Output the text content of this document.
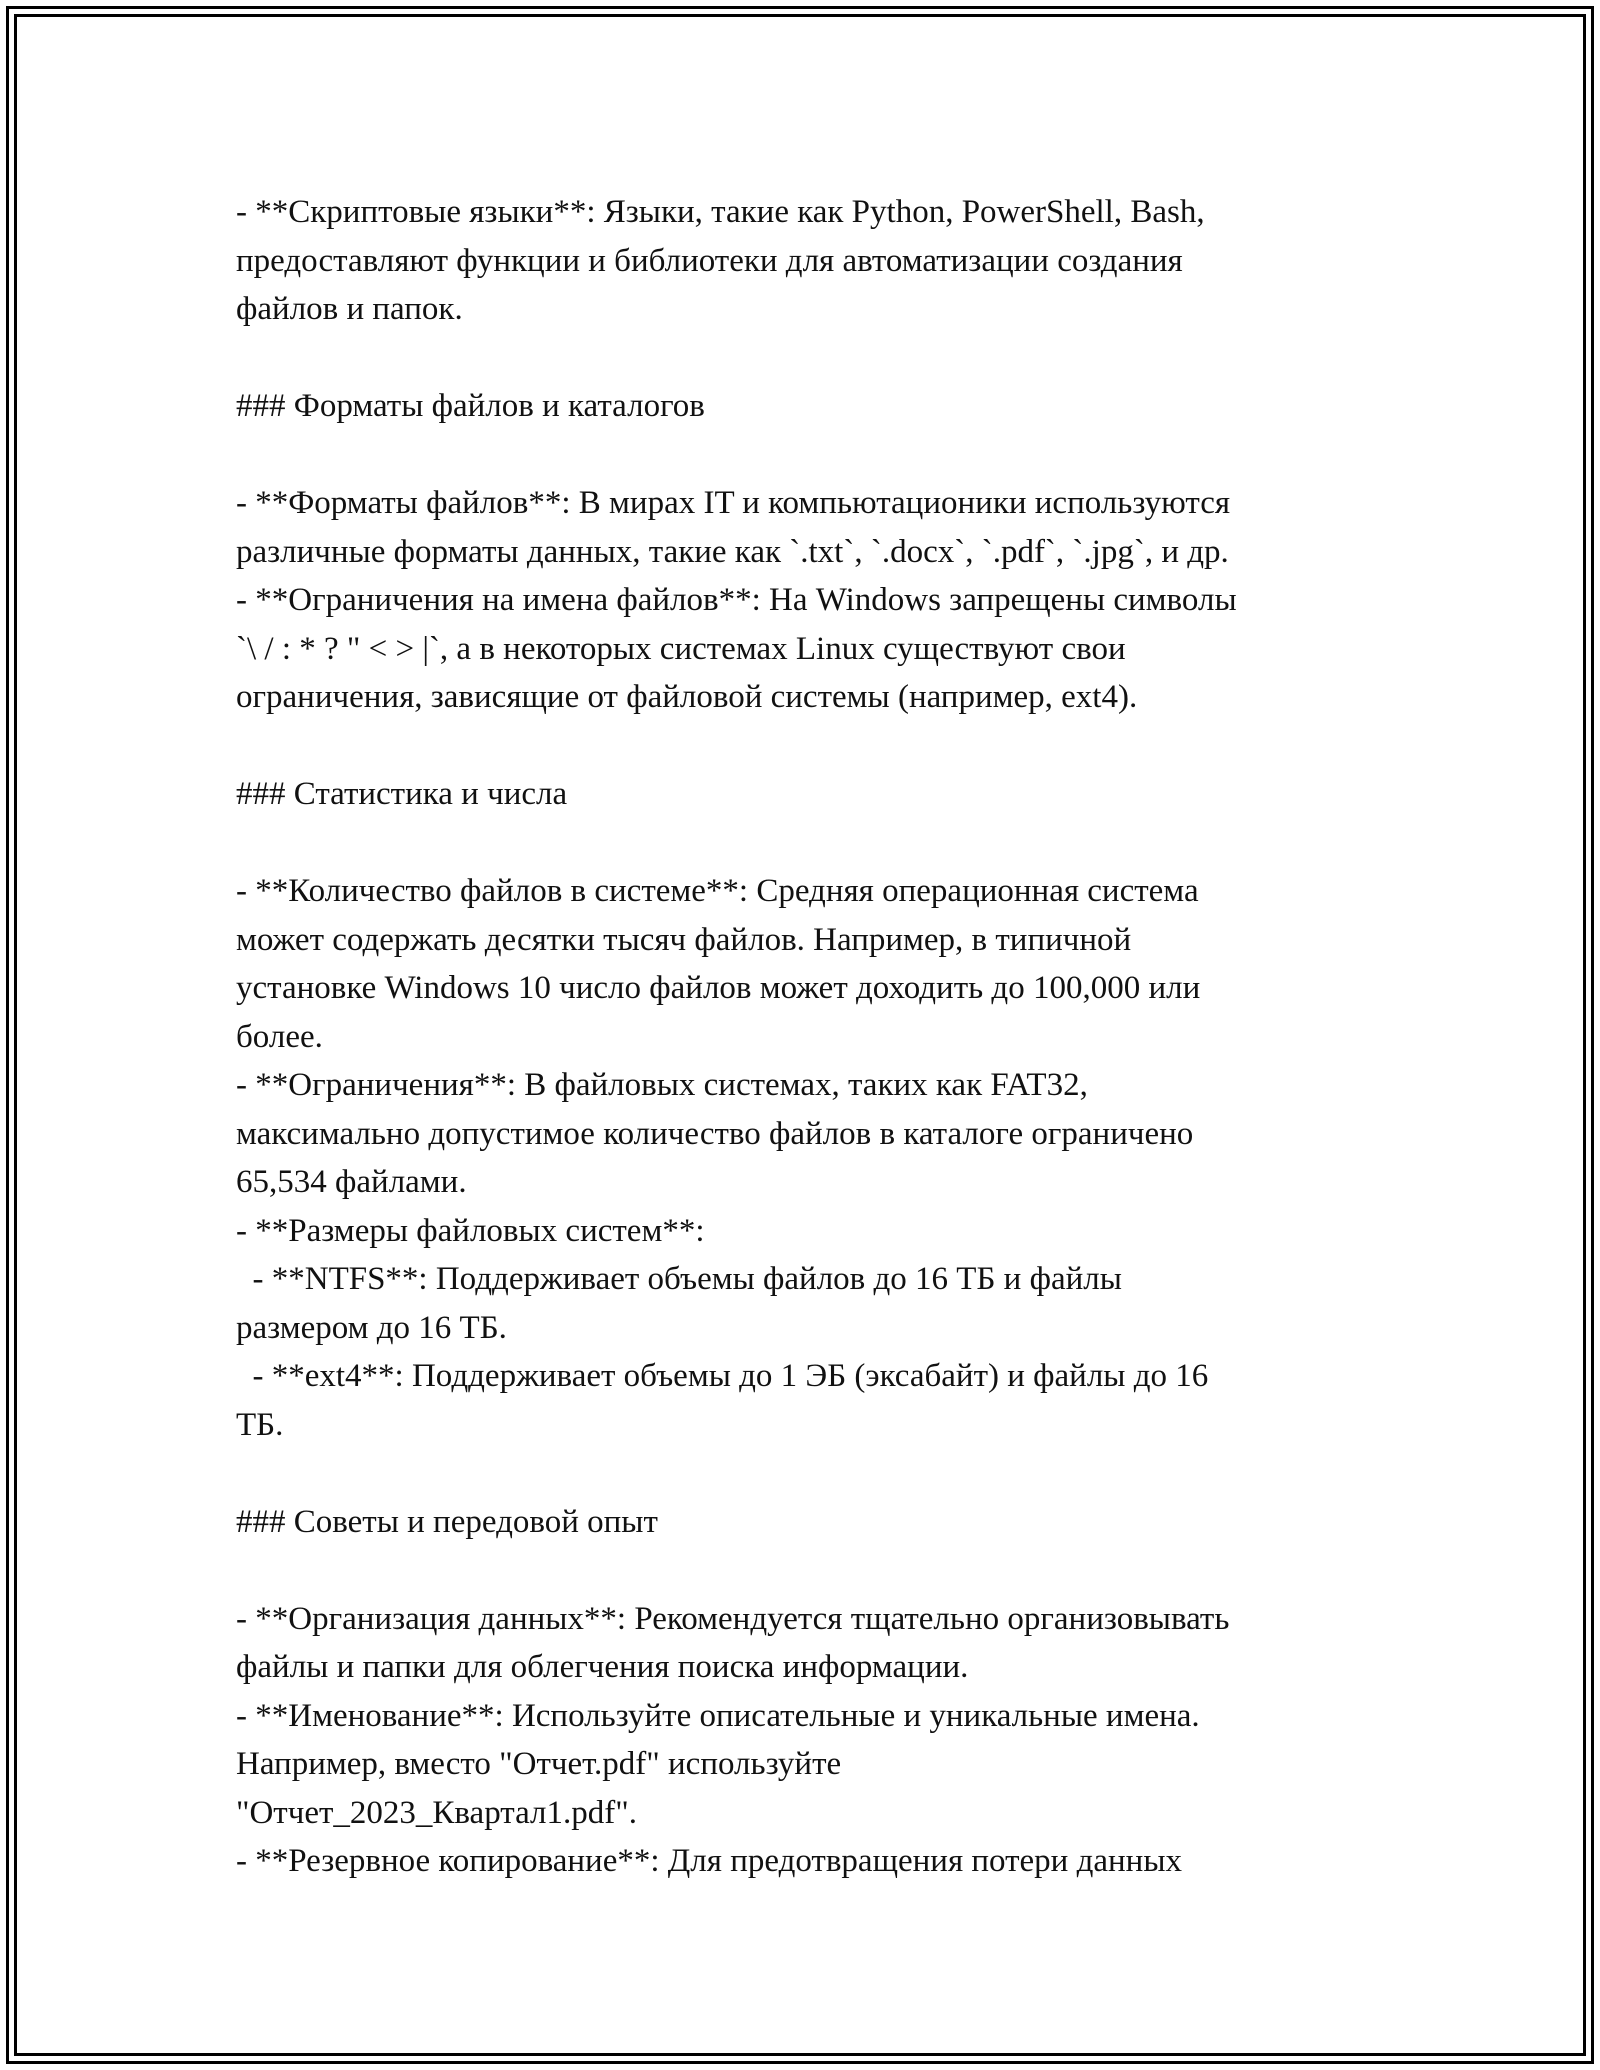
- **Скриптовые языки**: Языки, такие как Python, PowerShell, Bash,
предоставляют функции и библиотеки для автоматизации создания
файлов и папок.
### Форматы файлов и каталогов
- **Форматы файлов**: В мирах IT и компьютационики используются
различные форматы данных, такие как `.txt`, `.docx`, `.pdf`, `.jpg`, и др.
- **Ограничения на имена файлов**: На Windows запрещены символы
`\ / : * ? " < > |`, а в некоторых системах Linux существуют свои
ограничения, зависящие от файловой системы (например, ext4).
### Статистика и числа
- **Количество файлов в системе**: Средняя операционная система
может содержать десятки тысяч файлов. Например, в типичной
установке Windows 10 число файлов может доходить до 100,000 или
более.
- **Ограничения**: В файловых системах, таких как FAT32,
максимально допустимое количество файлов в каталоге ограничено
65,534 файлами.
- **Размеры файловых систем**:
- **NTFS**: Поддерживает объемы файлов до 16 ТБ и файлы
размером до 16 ТБ.
- **ext4**: Поддерживает объемы до 1 ЭБ (эксабайт) и файлы до 16
ТБ.
### Советы и передовой опыт
- **Организация данных**: Рекомендуется тщательно организовывать
файлы и папки для облегчения поиска информации.
- **Именование**: Используйте описательные и уникальные имена.
Например, вместо "Отчет.pdf" используйте
"Отчет_2023_Квартал1.pdf".
- **Резервное копирование**: Для предотвращения потери данных
